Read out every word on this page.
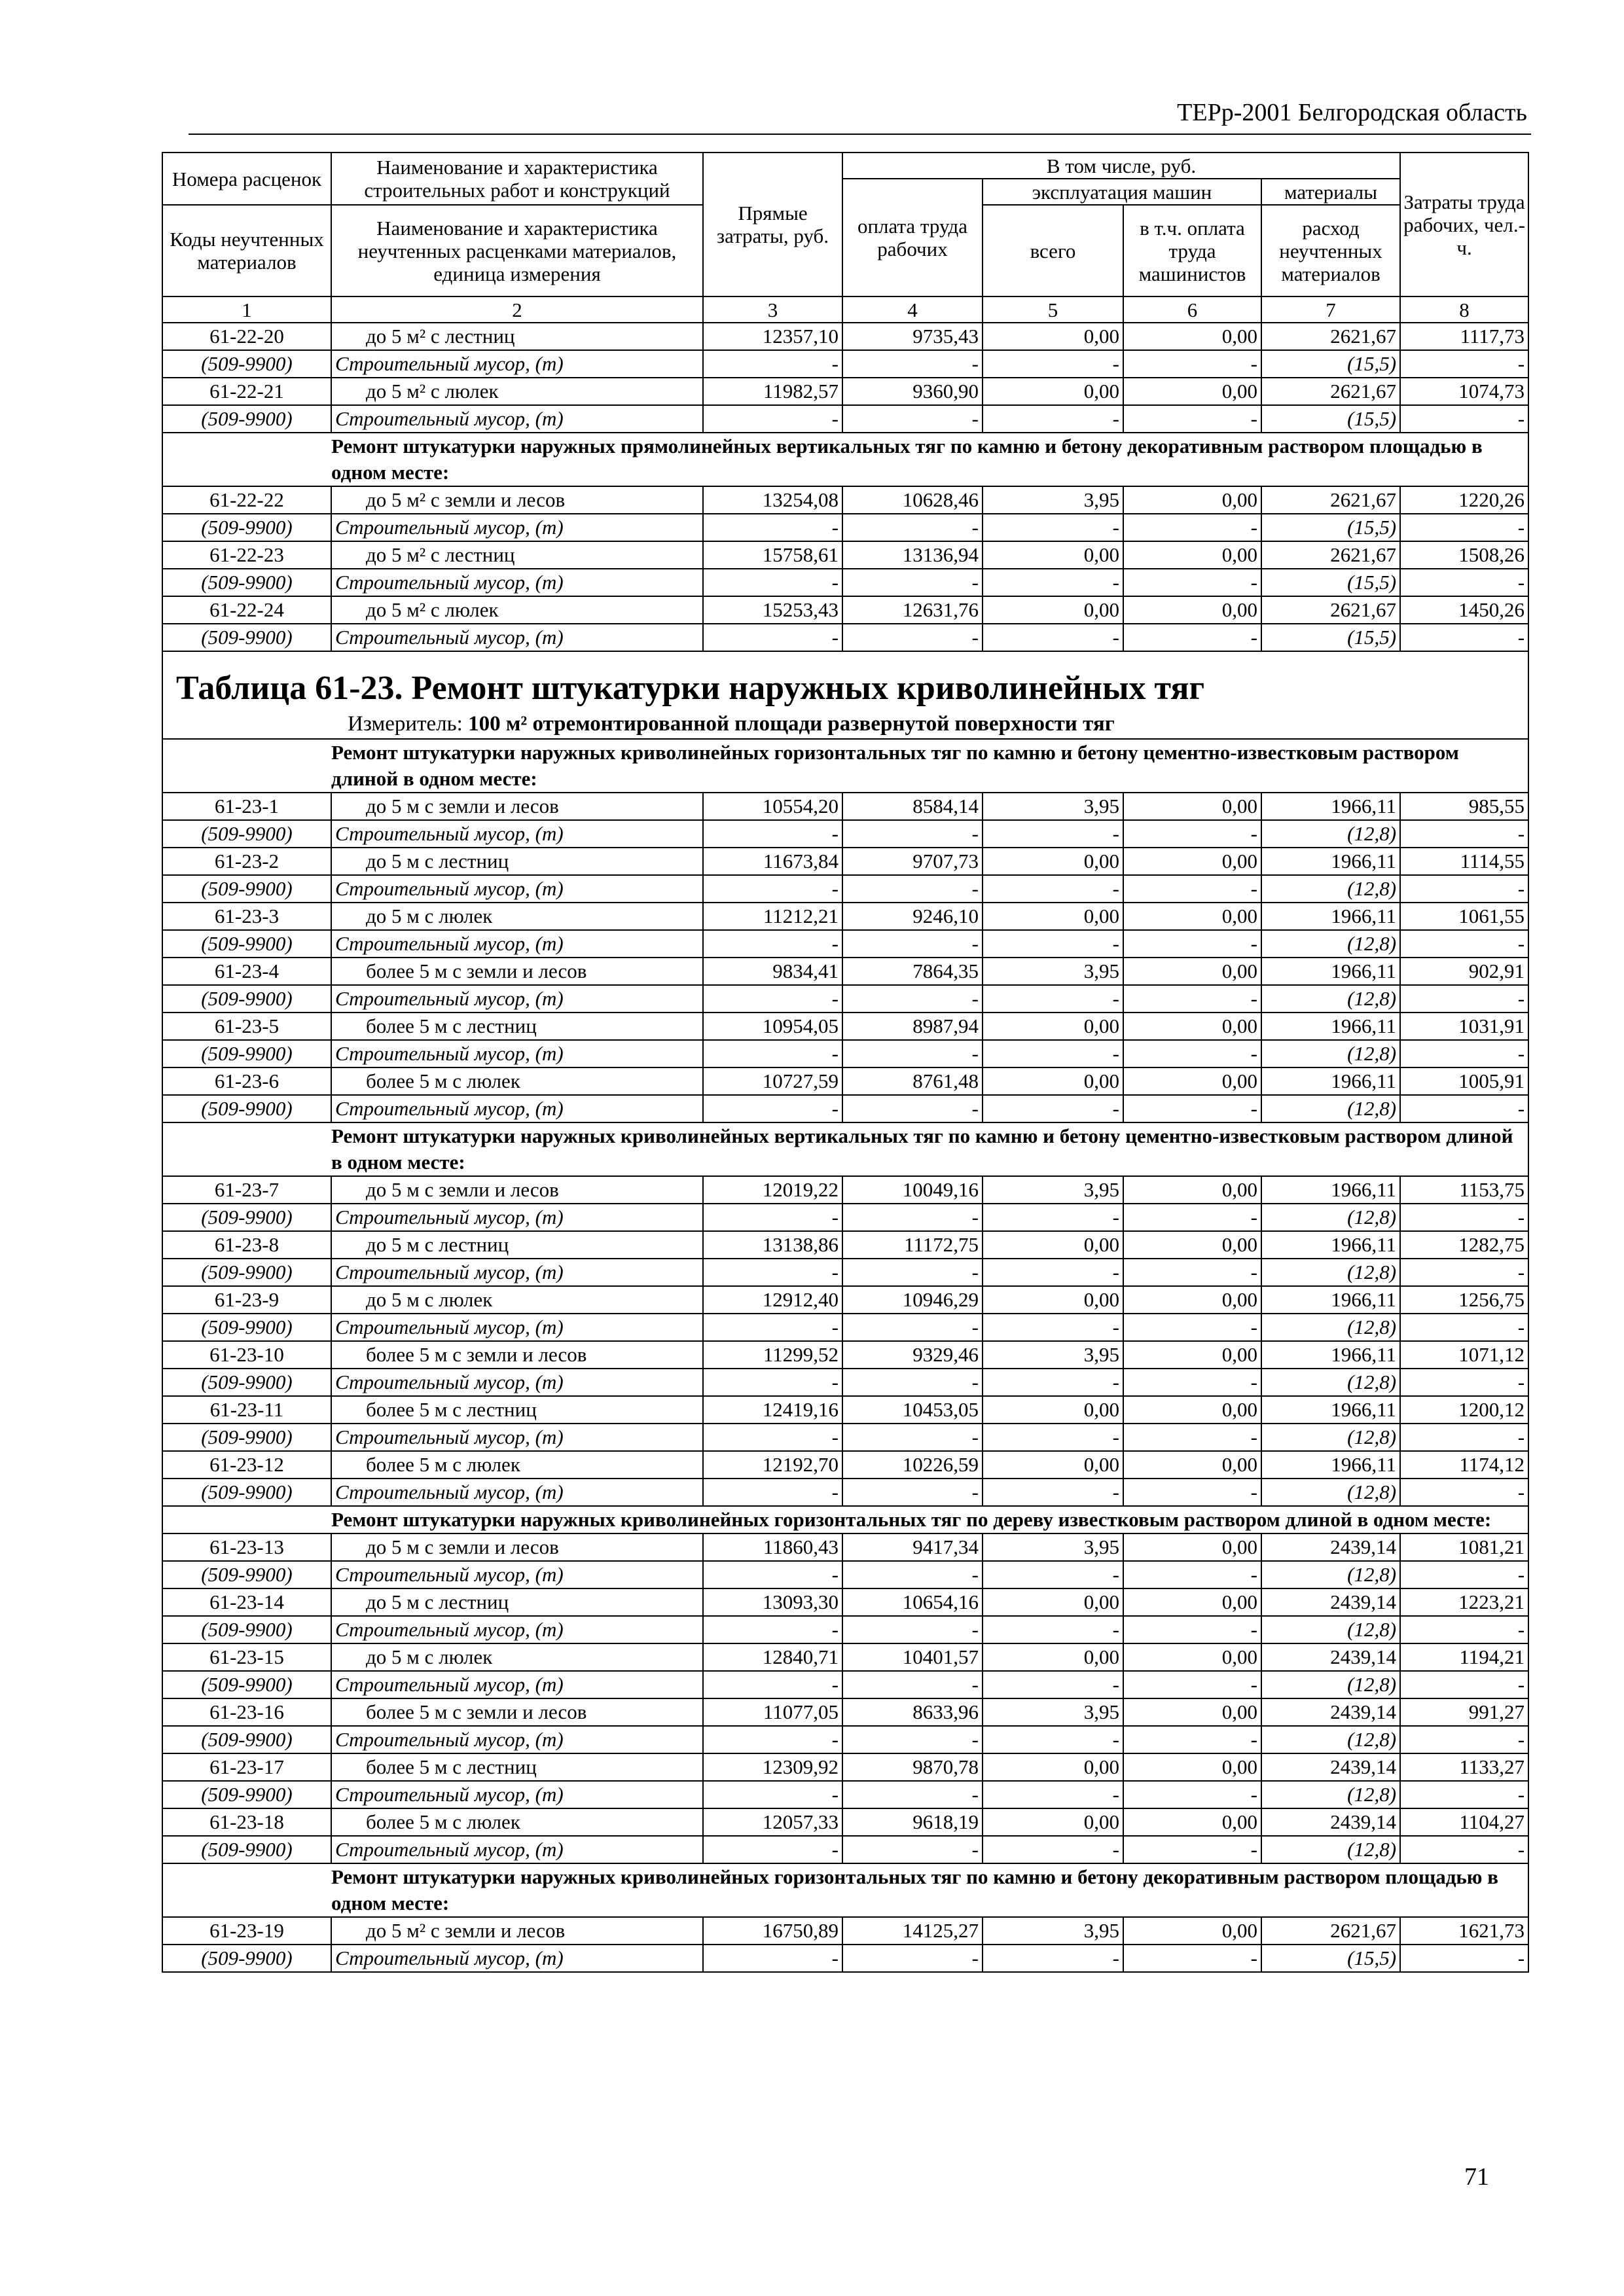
ТЕРр-2001 Белгородская область
Номера расценок	Наименование и характеристика строительных работ и конструкций	Прямые затраты, руб.	В том числе, руб.				Затраты труда рабочих, чел.-ч.
			оплата труда рабочих	эксплуатация машин		материалы	
Коды неучтенных материалов	Наименование и характеристика неучтенных расценками материалов, единица измерения			всего	в т.ч. оплата труда машинистов	расход неучтенных материалов	

1	2	3	4	5	6	7	8
61-22-20	до 5 м² с лестниц	12357,10	9735,43	0,00	0,00	2621,67	1117,73
(509-9900)	Строительный мусор, (т)	-	-	-	-	(15,5)	-
61-22-21	до 5 м² с люлек	11982,57	9360,90	0,00	0,00	2621,67	1074,73
(509-9900)	Строительный мусор, (т)	-	-	-	-	(15,5)	-
	Ремонт штукатурки наружных прямолинейных вертикальных тяг по камню и бетону декоративным раствором площадью в одном месте:						
61-22-22	до 5 м² с земли и лесов	13254,08	10628,46	3,95	0,00	2621,67	1220,26
(509-9900)	Строительный мусор, (т)	-	-	-	-	(15,5)	-
61-22-23	до 5 м² с лестниц	15758,61	13136,94	0,00	0,00	2621,67	1508,26
(509-9900)	Строительный мусор, (т)	-	-	-	-	(15,5)	-
61-22-24	до 5 м² с люлек	15253,43	12631,76	0,00	0,00	2621,67	1450,26
(509-9900)	Строительный мусор, (т)	-	-	-	-	(15,5)	-

Таблица 61-23. Ремонт штукатурки наружных криволинейных тяг
Измеритель: 100 м² отремонтированной площади развернутой поверхности тяг							

	Ремонт штукатурки наружных криволинейных горизонтальных тяг по камню и бетону цементно-известковым раствором длиной в одном месте:						
61-23-1	до 5 м с земли и лесов	10554,20	8584,14	3,95	0,00	1966,11	985,55
(509-9900)	Строительный мусор, (т)	-	-	-	-	(12,8)	-
61-23-2	до 5 м с лестниц	11673,84	9707,73	0,00	0,00	1966,11	1114,55
(509-9900)	Строительный мусор, (т)	-	-	-	-	(12,8)	-
61-23-3	до 5 м с люлек	11212,21	9246,10	0,00	0,00	1966,11	1061,55
(509-9900)	Строительный мусор, (т)	-	-	-	-	(12,8)	-
61-23-4	более 5 м с земли и лесов	9834,41	7864,35	3,95	0,00	1966,11	902,91
(509-9900)	Строительный мусор, (т)	-	-	-	-	(12,8)	-
61-23-5	более 5 м с лестниц	10954,05	8987,94	0,00	0,00	1966,11	1031,91
(509-9900)	Строительный мусор, (т)	-	-	-	-	(12,8)	-
61-23-6	более 5 м с люлек	10727,59	8761,48	0,00	0,00	1966,11	1005,91
(509-9900)	Строительный мусор, (т)	-	-	-	-	(12,8)	-
	Ремонт штукатурки наружных криволинейных вертикальных тяг по камню и бетону цементно-известковым раствором длиной в одном месте:						
61-23-7	до 5 м с земли и лесов	12019,22	10049,16	3,95	0,00	1966,11	1153,75
(509-9900)	Строительный мусор, (т)	-	-	-	-	(12,8)	-
61-23-8	до 5 м с лестниц	13138,86	11172,75	0,00	0,00	1966,11	1282,75
(509-9900)	Строительный мусор, (т)	-	-	-	-	(12,8)	-
61-23-9	до 5 м с люлек	12912,40	10946,29	0,00	0,00	1966,11	1256,75
(509-9900)	Строительный мусор, (т)	-	-	-	-	(12,8)	-
61-23-10	более 5 м с земли и лесов	11299,52	9329,46	3,95	0,00	1966,11	1071,12
(509-9900)	Строительный мусор, (т)	-	-	-	-	(12,8)	-
61-23-11	более 5 м с лестниц	12419,16	10453,05	0,00	0,00	1966,11	1200,12
(509-9900)	Строительный мусор, (т)	-	-	-	-	(12,8)	-
61-23-12	более 5 м с люлек	12192,70	10226,59	0,00	0,00	1966,11	1174,12
(509-9900)	Строительный мусор, (т)	-	-	-	-	(12,8)	-
	Ремонт штукатурки наружных криволинейных горизонтальных тяг по дереву известковым раствором длиной в одном месте:						
61-23-13	до 5 м с земли и лесов	11860,43	9417,34	3,95	0,00	2439,14	1081,21
(509-9900)	Строительный мусор, (т)	-	-	-	-	(12,8)	-
61-23-14	до 5 м с лестниц	13093,30	10654,16	0,00	0,00	2439,14	1223,21
(509-9900)	Строительный мусор, (т)	-	-	-	-	(12,8)	-
61-23-15	до 5 м с люлек	12840,71	10401,57	0,00	0,00	2439,14	1194,21
(509-9900)	Строительный мусор, (т)	-	-	-	-	(12,8)	-
61-23-16	более 5 м с земли и лесов	11077,05	8633,96	3,95	0,00	2439,14	991,27
(509-9900)	Строительный мусор, (т)	-	-	-	-	(12,8)	-
61-23-17	более 5 м с лестниц	12309,92	9870,78	0,00	0,00	2439,14	1133,27
(509-9900)	Строительный мусор, (т)	-	-	-	-	(12,8)	-
61-23-18	более 5 м с люлек	12057,33	9618,19	0,00	0,00	2439,14	1104,27
(509-9900)	Строительный мусор, (т)	-	-	-	-	(12,8)	-
	Ремонт штукатурки наружных криволинейных горизонтальных тяг по камню и бетону декоративным раствором площадью в одном месте:						
61-23-19	до 5 м² с земли и лесов	16750,89	14125,27	3,95	0,00	2621,67	1621,73
(509-9900)	Строительный мусор, (т)	-	-	-	-	(15,5)	-
71
